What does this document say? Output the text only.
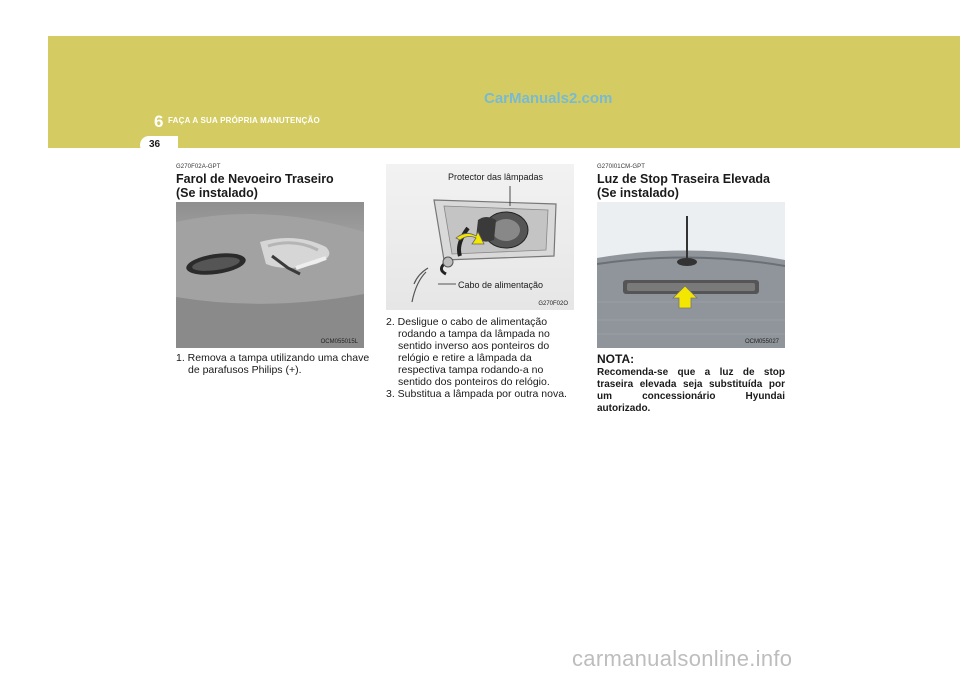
6 FAÇA A SUA PRÓPRIA MANUTENÇÃO
CarManuals2.com
36
G270F02A-GPT
Farol de Nevoeiro Traseiro
(Se instalado)
OCM055015L
1. Remova a tampa utilizando uma chave de parafusos Philips (+).
Protector das lâmpadas
Cabo de alimentação
G270F02O

2. Desligue o cabo de alimentação rodando a tampa da lâmpada no sentido inverso aos ponteiros do relógio e retire a lâmpada da respectiva tampa rodando-a no sentido dos ponteiros do relógio.

3. Substitua a lâmpada por outra nova.

G270I01CM-GPT
Luz de Stop Traseira Elevada
(Se instalado)
OCM055027
NOTA:
Recomenda-se que a luz de stop traseira elevada seja substituída por um concessionário Hyundai autorizado.
carmanualsonline.info
